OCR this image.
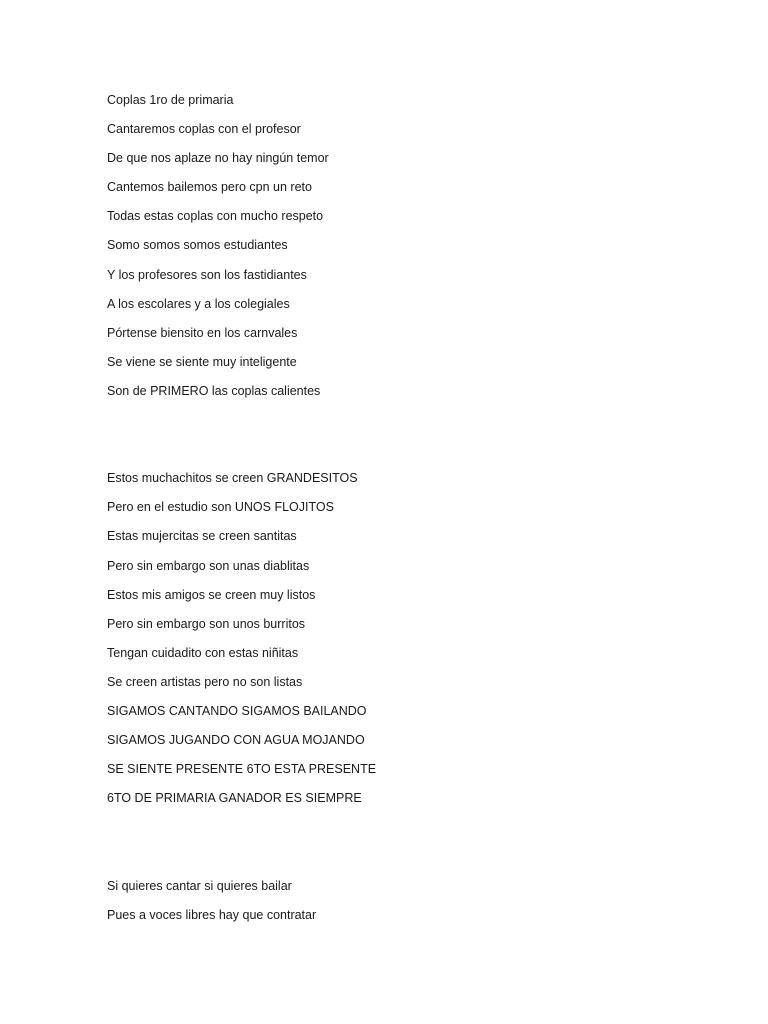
Coplas 1ro de primaria
Cantaremos coplas con el profesor
De que nos aplaze no hay ningún temor
Cantemos bailemos pero cpn un reto
Todas estas coplas con mucho respeto
Somo somos somos estudiantes
Y los profesores son los fastidiantes
A los escolares y a los colegiales
Pórtense biensito en los carnvales
Se viene se siente muy inteligente
Son de PRIMERO las coplas calientes
Estos muchachitos se creen GRANDESITOS
Pero en el estudio son UNOS FLOJITOS
Estas mujercitas se creen santitas
Pero sin embargo son unas diablitas
Estos mis amigos se creen muy listos
Pero sin embargo son unos burritos
Tengan cuidadito con estas niñitas
Se creen artistas pero no son listas
SIGAMOS CANTANDO SIGAMOS BAILANDO
SIGAMOS JUGANDO CON AGUA MOJANDO
SE SIENTE PRESENTE 6TO ESTA PRESENTE
6TO DE PRIMARIA GANADOR ES SIEMPRE
Si quieres cantar si quieres bailar
Pues a voces libres hay que contratar
